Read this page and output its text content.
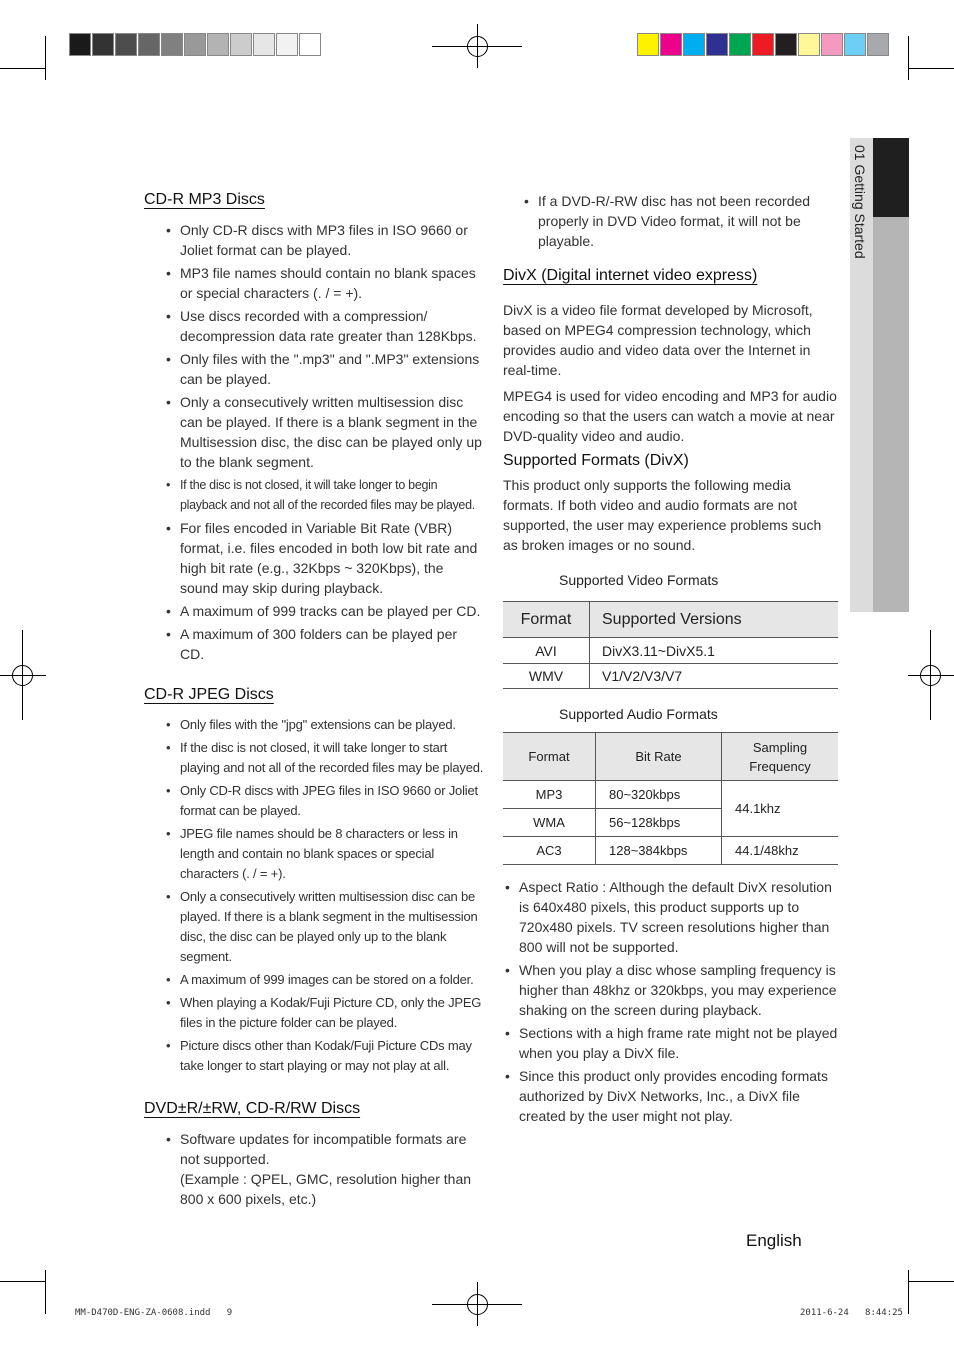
01 Getting Started
CD-R MP3 Discs
• Only CD-R discs with MP3 files in ISO 9660 or Joliet format can be played.
• MP3 file names should contain no blank spaces or special characters (. / = +).
• Use discs recorded with a compression/ decompression data rate greater than 128Kbps.
• Only files with the ".mp3" and ".MP3" extensions can be played.
• Only a consecutively written multisession disc can be played. If there is a blank segment in the Multisession disc, the disc can be played only up to the blank segment.
• If the disc is not closed, it will take longer to begin playback and not all of the recorded files may be played.
• For files encoded in Variable Bit Rate (VBR) format, i.e. files encoded in both low bit rate and high bit rate (e.g., 32Kbps ~ 320Kbps), the sound may skip during playback.
• A maximum of 999 tracks can be played per CD.
• A maximum of 300 folders can be played per CD.
CD-R JPEG Discs
• Only files with the "jpg" extensions can be played.
• If the disc is not closed, it will take longer to start playing and not all of the recorded files may be played.
• Only CD-R discs with JPEG files in ISO 9660 or Joliet format can be played.
• JPEG file names should be 8 characters or less in length and contain no blank spaces or special characters (. / = +).
• Only a consecutively written multisession disc can be played. If there is a blank segment in the multisession disc, the disc can be played only up to the blank segment.
• A maximum of 999 images can be stored on a folder.
• When playing a Kodak/Fuji Picture CD, only the JPEG files in the picture folder can be played.
• Picture discs other than Kodak/Fuji Picture CDs may take longer to start playing or may not play at all.
DVD±R/±RW, CD-R/RW Discs
• Software updates for incompatible formats are not supported.
(Example : QPEL, GMC, resolution higher than 800 x 600 pixels, etc.)
• If a DVD-R/-RW disc has not been recorded properly in DVD Video format, it will not be playable.
DivX (Digital internet video express)

DivX is a video file format developed by Microsoft, based on MPEG4 compression technology, which provides audio and video data over the Internet in real-time.

MPEG4 is used for video encoding and MP3 for audio encoding so that the users can watch a movie at near DVD-quality video and audio.

Supported Formats (DivX)

This product only supports the following media formats. If both video and audio formats are not supported, the user may experience problems such as broken images or no sound.

Supported Video Formats
Format	Supported Versions
AVI	DivX3.11~DivX5.1
WMV	V1/V2/V3/V7
Supported Audio Formats
Format	Bit Rate	Sampling Frequency
MP3	80~320kbps	44.1khz
WMA	56~128kbps	
AC3	128~384kbps	44.1/48khz
• Aspect Ratio : Although the default DivX resolution is 640x480 pixels, this product supports up to 720x480 pixels. TV screen resolutions higher than 800 will not be supported.
• When you play a disc whose sampling frequency is higher than 48khz or 320kbps, you may experience shaking on the screen during playback.
• Sections with a high frame rate might not be played when you play a DivX file.
• Since this product only provides encoding formats authorized by DivX Networks, Inc., a DivX file created by the user might not play.
English
MM-D470D-ENG-ZA-0608.indd   9	2011-6-24   8:44:25
